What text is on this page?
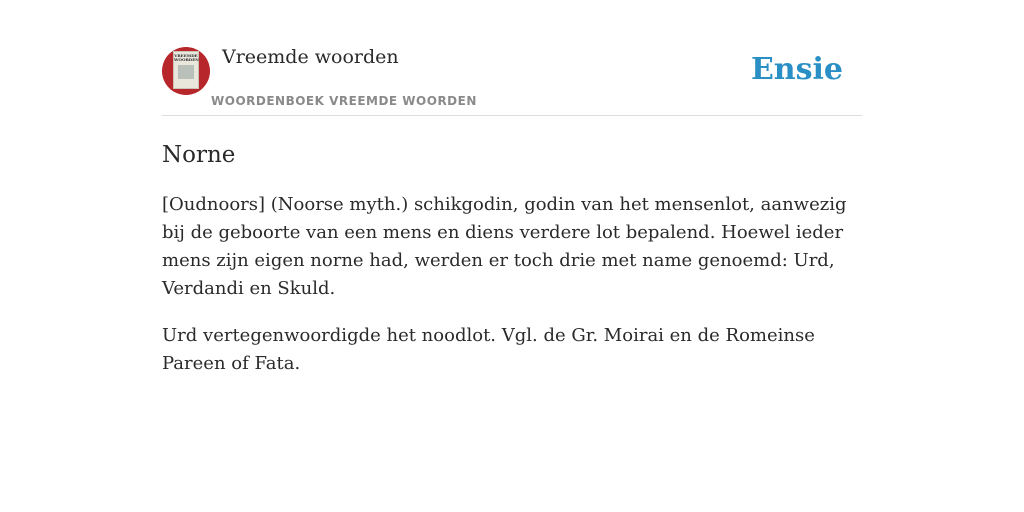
VREEMDE WOORDEN Vreemde woorden
WOORDENBOEK VREEMDE WOORDEN
Ensie
Norne

[Oudnoors] (Noorse myth.) schikgodin, godin van het mensenlot, aanwezig bij de geboorte van een mens en diens verdere lot bepalend. Hoewel ieder mens zijn eigen norne had, werden er toch drie met name genoemd: Urd, Verdandi en Skuld.

Urd vertegenwoordigde het noodlot. Vgl. de Gr. Moirai en de Romeinse Pareen of Fata.
